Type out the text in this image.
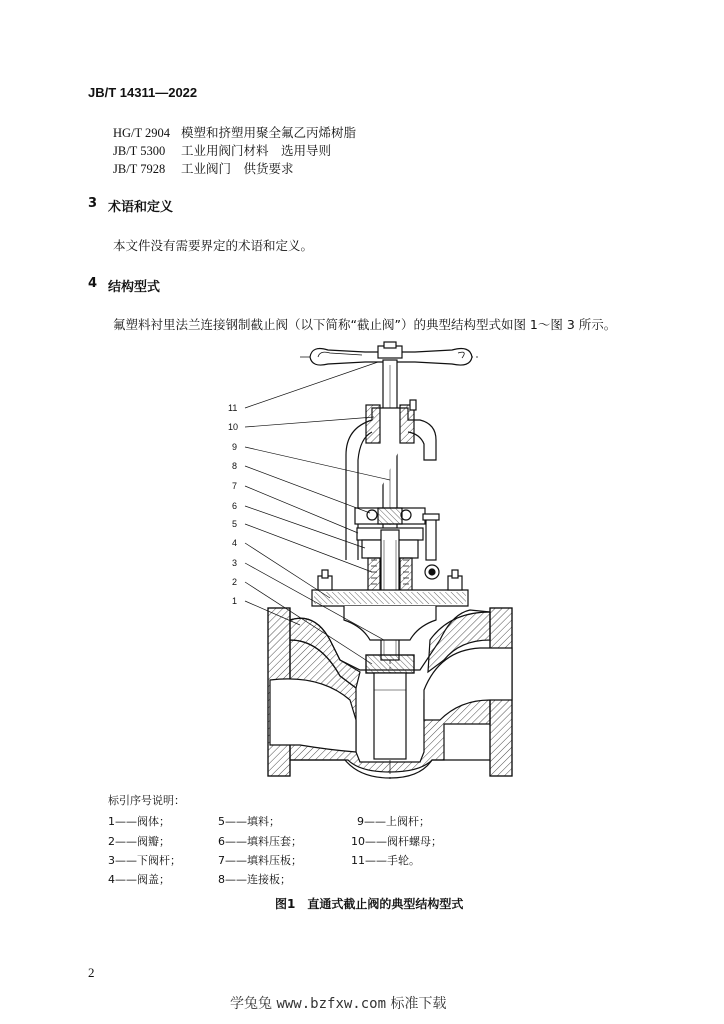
JB/T 14311—2022
HG/T 2904 模塑和挤塑用聚全氟乙丙烯树脂
JB/T 5300 工业用阀门材料　选用导则
JB/T 7928 工业阀门　供货要求
3 术语和定义
本文件没有需要界定的术语和定义。
4 结构型式
氟塑料衬里法兰连接钢制截止阀（以下简称“截止阀”）的典型结构型式如图 1～图 3 所示。
11
10
9
8
7
6
5
4
3
2
1
标引序号说明：
1——阀体；
2——阀瓣；
3——下阀杆；
4——阀盖；
5——填料；
6——填料压套；
7——填料压板；
8——连接板；
9——上阀杆；
10——阀杆螺母；
11——手轮。
图1　直通式截止阀的典型结构型式
2
学兔兔 www.bzfxw.com 标准下载
